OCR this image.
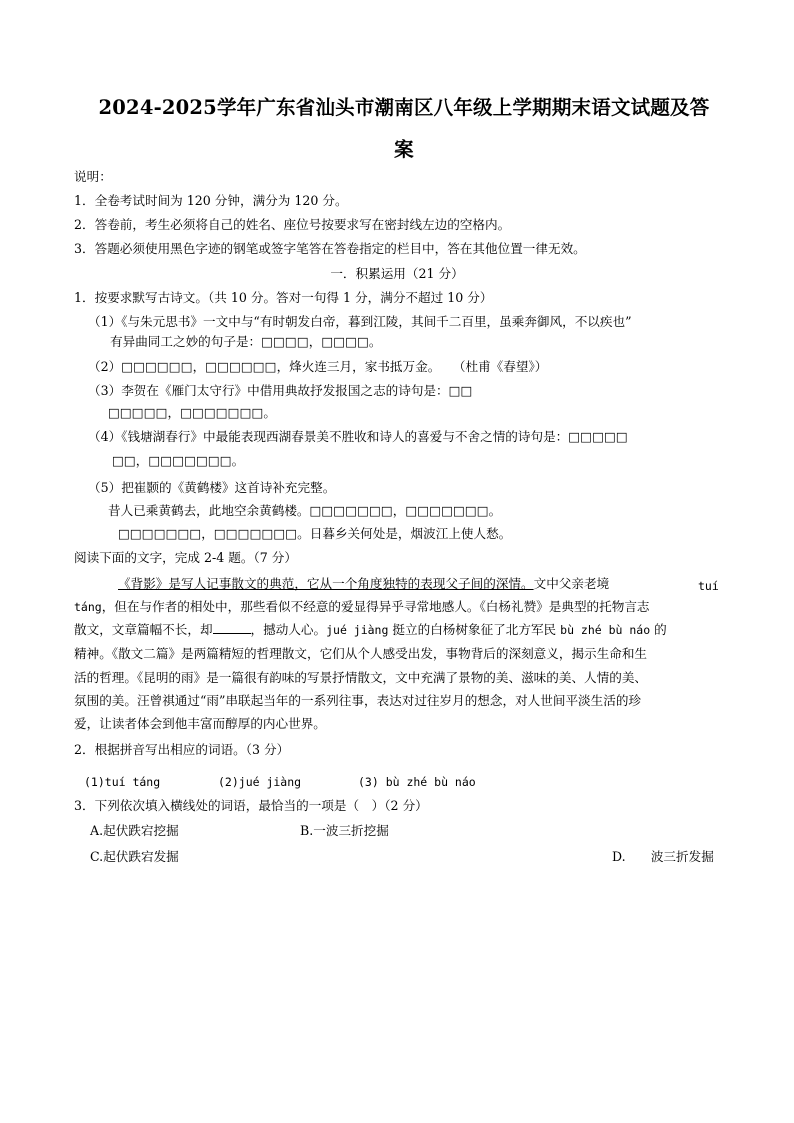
2024-2025学年广东省汕头市潮南区八年级上学期期末语文试题及答
案
说明：
1．全卷考试时间为 120 分钟，满分为 120 分。
2．答卷前，考生必须将自己的姓名、座位号按要求写在密封线左边的空格内。
3．答题必须使用黑色字迹的钢笔或签字笔答在答卷指定的栏目中，答在其他位置一律无效。
一．积累运用（21 分）
1．按要求默写古诗文。（共 10 分。答对一句得 1 分，满分不超过 10 分）
（1）《与朱元思书》一文中与“有时朝发白帝，暮到江陵，其间千二百里，虽乘奔御风，不以疾也”
有异曲同工之妙的句子是：□□□□，□□□□。
（2）□□□□□□，□□□□□□，烽火连三月，家书抵万金。　　（杜甫《春望》）
（3）李贺在《雁门太守行》中借用典故抒发报国之志的诗句是：□□
□□□□□，□□□□□□□。
（4）《钱塘湖春行》中最能表现西湖春景美不胜收和诗人的喜爱与不舍之情的诗句是：□□□□□
□□，□□□□□□□。
（5）把崔颢的《黄鹤楼》这首诗补充完整。
昔人已乘黄鹤去，此地空余黄鹤楼。□□□□□□□，□□□□□□□。
□□□□□□□，□□□□□□□。日暮乡关何处是，烟波江上使人愁。
阅读下面的文字，完成 2-4 题。（7 分）
《背影》是写人记事散文的典范，它从一个角度独特的表现父子间的深情。文中父亲老境	tuí
táng，但在与作者的相处中，那些看似不经意的爱显得异乎寻常地感人。《白杨礼赞》是典型的托物言志
散文，文章篇幅不长，却	，撼动人心。jué jiàng 挺立的白杨树象征了北方军民 bù zhé bù náo 的
精神。《散文二篇》是两篇精短的哲理散文，它们从个人感受出发，事物背后的深刻意义，揭示生命和生
活的哲理。《昆明的雨》是一篇很有韵味的写景抒情散文，文中充满了景物的美、滋味的美、人情的美、
氛围的美。汪曾祺通过“雨”串联起当年的一系列往事，表达对过往岁月的想念，对人世间平淡生活的珍
爱，让读者体会到他丰富而醇厚的内心世界。
2．根据拼音写出相应的词语。（3 分）
(1)tuí táng	(2)jué jiàng	(3) bù zhé bù náo
3．下列依次填入横线处的词语，最恰当的一项是（　）（2 分）
A.起伏跌宕挖掘	B.一波三折挖掘
C.起伏跌宕发掘	D.　　波三折发掘
